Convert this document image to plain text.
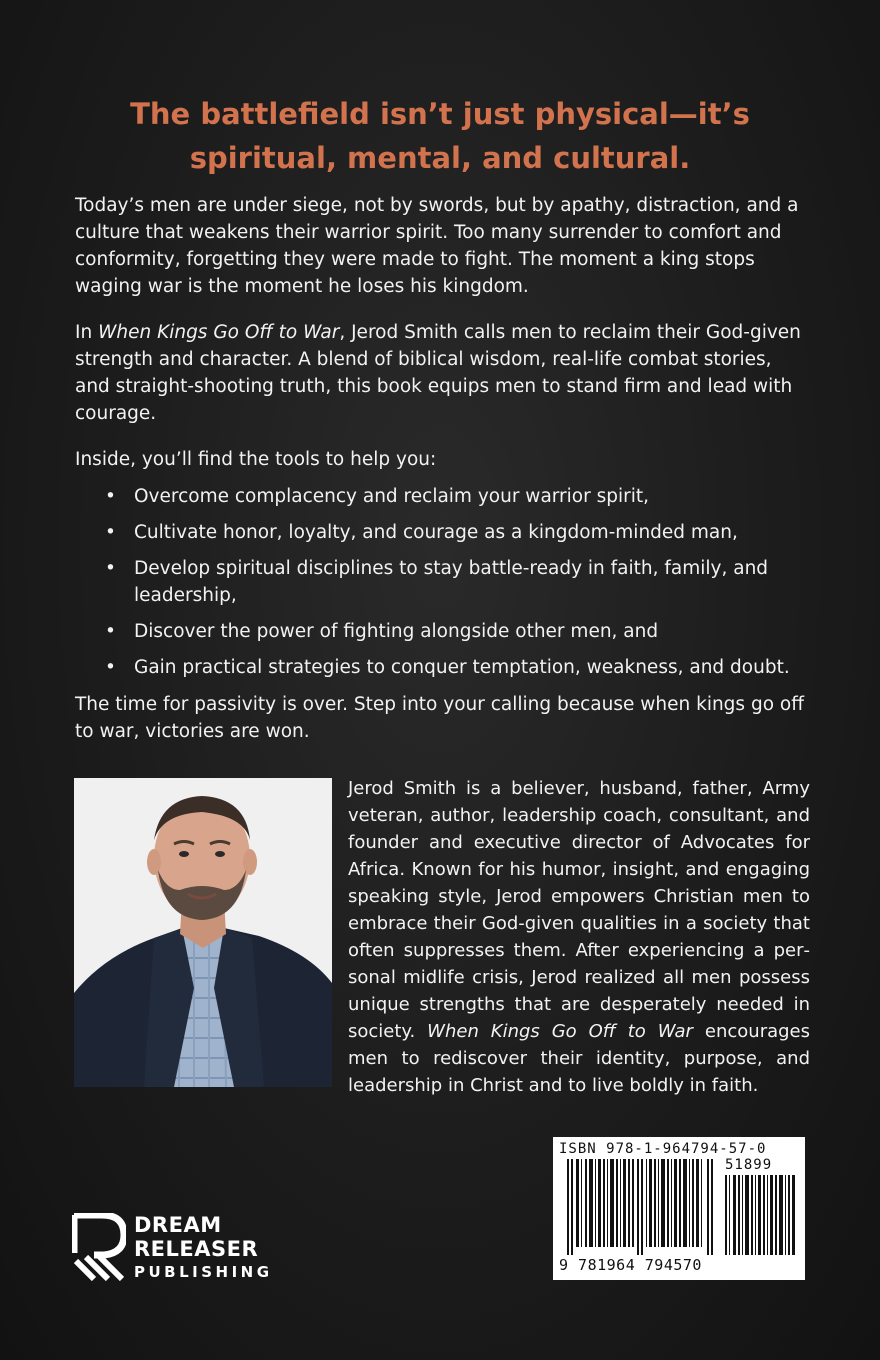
The battlefield isn’t just physical—it’s
spiritual, mental, and cultural.

Today’s men are under siege, not by swords, but by apathy, distraction, and a culture that weakens their warrior spirit. Too many surrender to comfort and conformity, forgetting they were made to fight. The moment a king stops waging war is the moment he loses his kingdom.

In When Kings Go Off to War, Jerod Smith calls men to reclaim their God-given strength and character. A blend of biblical wisdom, real-life combat stories, and straight-shooting truth, this book equips men to stand firm and lead with courage.

Inside, you’ll find the tools to help you:

• Overcome complacency and reclaim your warrior spirit,
• Cultivate honor, loyalty, and courage as a kingdom-minded man,
• Develop spiritual disciplines to stay battle-ready in faith, family, and leadership,
• Discover the power of fighting alongside other men, and
• Gain practical strategies to conquer temptation, weakness, and doubt.

The time for passivity is over. Step into your calling because when kings go off to war, victories are won.

Jerod Smith is a believer, husband, father, Army veteran, author, leadership coach, consultant, and founder and executive director of Advocates for Africa. Known for his humor, insight, and engaging speaking style, Jerod empowers Christian men to embrace their God-given qualities in a society that often suppresses them. After experiencing a personal midlife crisis, Jerod realized all men possess unique strengths that are desperately needed in society. When Kings Go Off to War encourages men to rediscover their identity, purpose, and leadership in Christ and to live boldly in faith.

DREAM
RELEASER
PUBLISHING
ISBN 978-1-964794-57-0
51899
9 781964 794570
